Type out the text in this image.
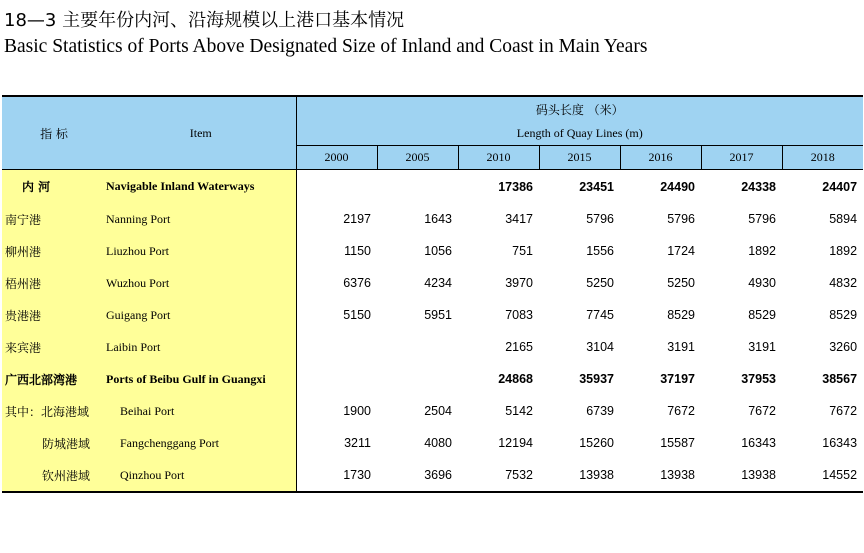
18—3 主要年份内河、沿海规模以上港口基本情况
Basic Statistics of Ports Above Designated Size of Inland and Coast in Main Years
指 标	Item	码头长度 （米）
Length of Quay Lines (m)						

		2000	2005	2010	2015	2016	2017	2018
内 河	Navigable Inland Waterways			17386	23451	24490	24338	24407
南宁港	Nanning Port	2197	1643	3417	5796	5796	5796	5894
柳州港	Liuzhou Port	1150	1056	751	1556	1724	1892	1892
梧州港	Wuzhou Port	6376	4234	3970	5250	5250	4930	4832
贵港港	Guigang Port	5150	5951	7083	7745	8529	8529	8529
来宾港	Laibin Port			2165	3104	3191	3191	3260
广西北部湾港	Ports of Beibu Gulf in Guangxi			24868	35937	37197	37953	38567
其中：北海港域	Beihai Port	1900	2504	5142	6739	7672	7672	7672
防城港域	Fangchenggang Port	3211	4080	12194	15260	15587	16343	16343
钦州港域	Qinzhou Port	1730	3696	7532	13938	13938	13938	14552
